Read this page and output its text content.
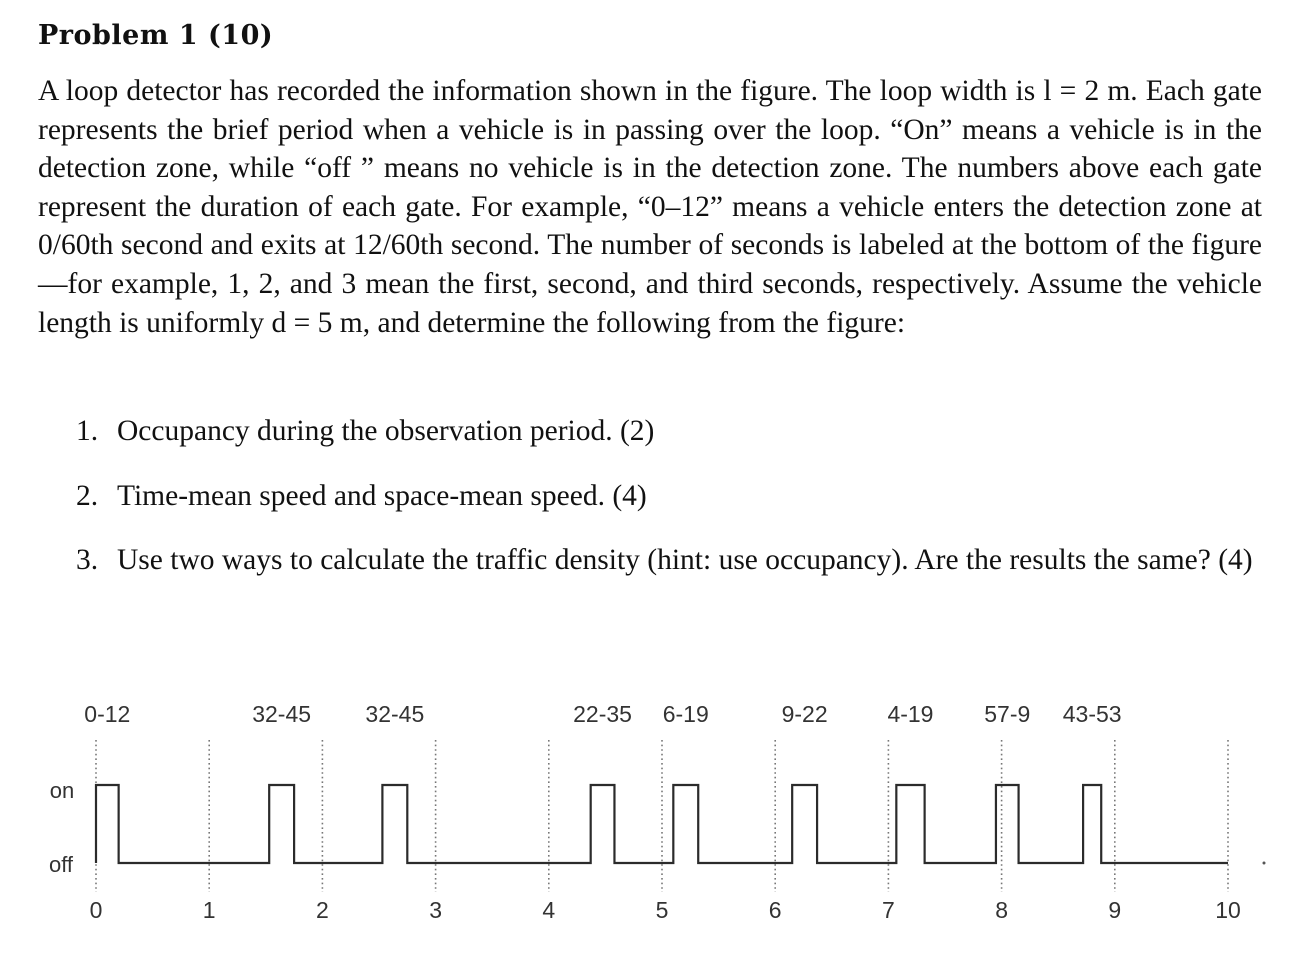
Problem 1 (10)
A loop detector has recorded the information shown in the figure. The loop width is l = 2 m. Each gate represents the brief period when a vehicle is in passing over the loop. “On” means a vehicle is in the detection zone, while “off ” means no vehicle is in the detection zone. The numbers above each gate represent the duration of each gate. For example, “0–12” means a vehicle enters the detection zone at 0/60th second and exits at 12/60th second. The number of seconds is labeled at the bottom of the figure—for example, 1, 2, and 3 mean the first, second, and third seconds, respectively. Assume the vehicle length is uniformly d = 5 m, and determine the following from the figure:
1. Occupancy during the observation period. (2)
2. Time-mean speed and space-mean speed. (4)
3. Use two ways to calculate the traffic density (hint: use occupancy). Are the results the same? (4)
on
off
0	1	2	3	4	5	6	7	8	9	10
0-12	32-45 32-45	22-35 6-19	9-22	4-19 57-9 43-53
